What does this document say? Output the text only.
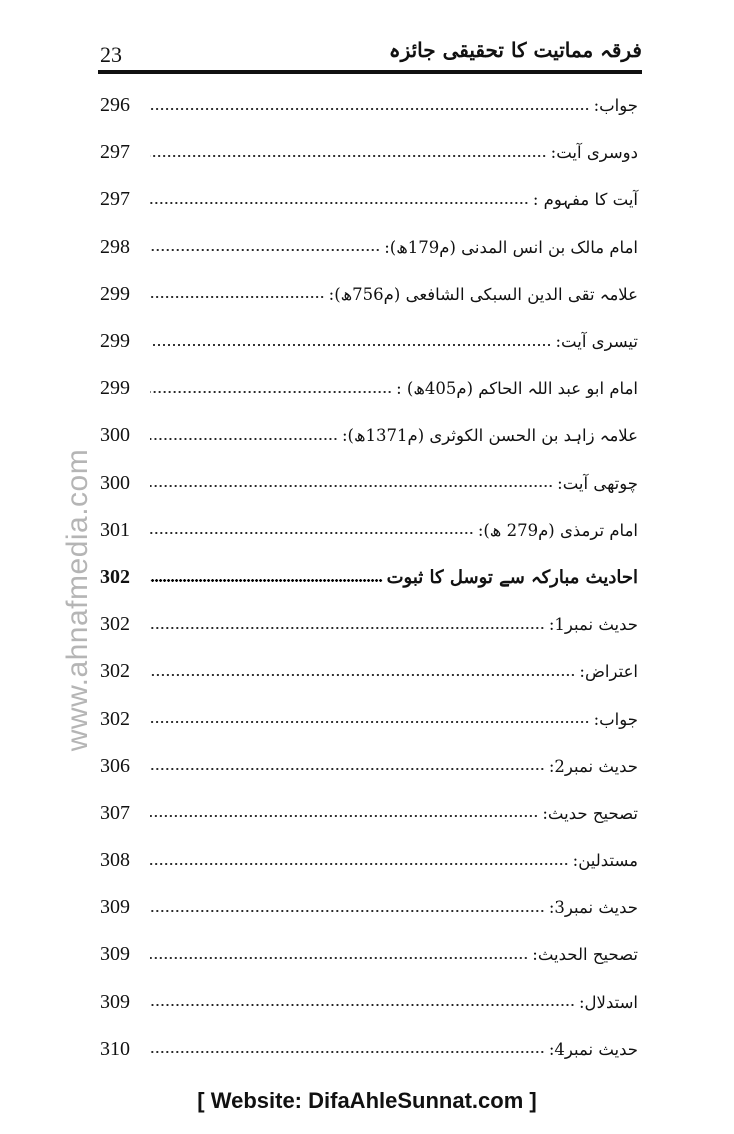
23	فرقہ مماتیت کا تحقیقی جائزہ
296	جواب:
297	دوسری آیت:
297	آیت کا مفہوم :
298	امام مالک بن انس المدنی (م179ھ):
299	علامہ تقی الدین السبکی الشافعی (م756ھ):
299	تیسری آیت:
299	امام ابو عبد اللہ الحاکم (م405ھ) :
300	علامہ زاہد بن الحسن الکوثری (م1371ھ):
300	چوتھی آیت:
301	امام ترمذی (م279 ھ):
302	احادیث مبارکہ سے توسل کا ثبوت
302	حدیث نمبر1:
302	اعتراض:
302	جواب:
306	حدیث نمبر2:
307	تصحیح حدیث:
308	مستدلین:
309	حدیث نمبر3:
309	تصحیح الحدیث:
309	استدلال:
310	حدیث نمبر4:
www.ahnafmedia.com
[ Website: DifaAhleSunnat.com ]
